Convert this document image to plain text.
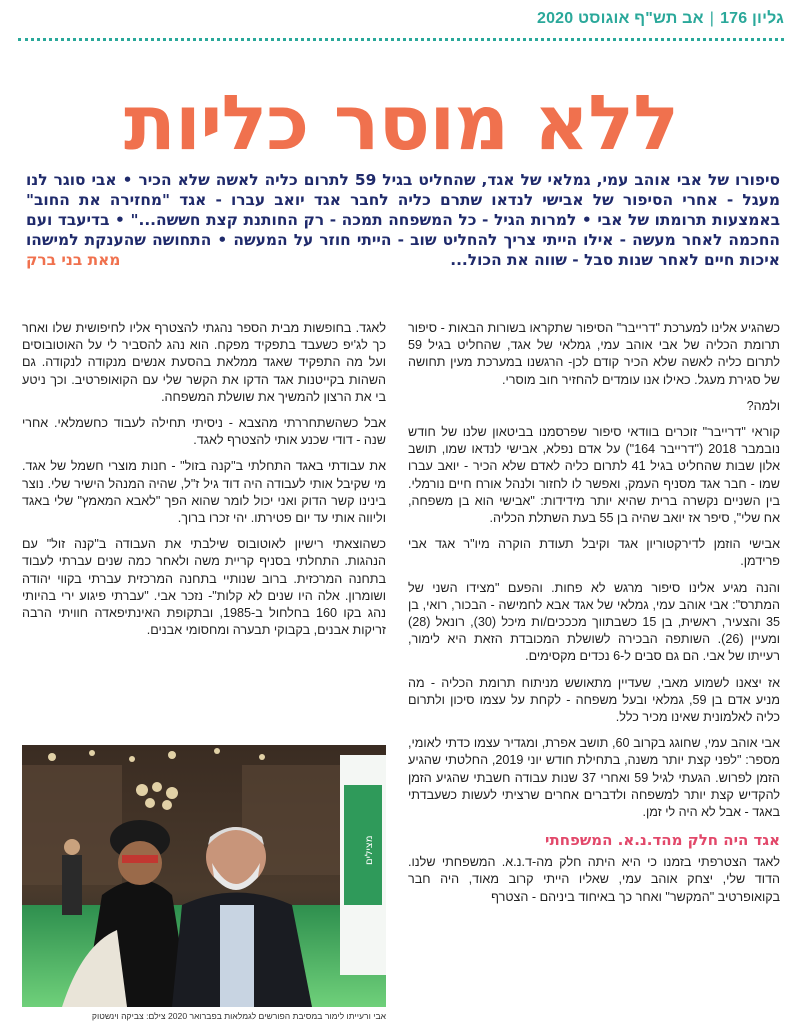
גליון 176|אב תש"ף אוגוסט 2020
ללא מוסר כליות
סיפורו של אבי אוהב עמי, גמלאי של אגד, שהחליט בגיל 59 לתרום כליה לאשה שלא הכיר • אבי סוגר לנו מעגל - אחרי הסיפור של אבישי לנדאו שתרם כליה לחבר אגד יואב עברו - אגד "מחזירה את החוב" באמצעות תרומתו של אבי • למרות הגיל - כל המשפחה תמכה - רק החותנת קצת חששה..." • בדיעבד ועם החכמה לאחר מעשה - אילו הייתי צריך להחליט שוב - הייתי חוזר על המעשה • התחושה שהענקת למישהו איכות חיים לאחר שנות סבל - שווה את הכול...
מאת בני ברק

כשהגיע אלינו למערכת "דרייבר" הסיפור שתקראו בשורות הבאות - סיפור תרומת הכליה של אבי אוהב עמי, גמלאי של אגד, שהחליט בגיל 59 לתרום כליה לאשה שלא הכיר קודם לכן- הרגשנו במערכת מעין תחושה של סגירת מעגל. כאילו אנו עומדים להחזיר חוב מוסרי.

ולמה?

קוראי "דרייבר" זוכרים בוודאי סיפור שפרסמנו בביטאון שלנו של חודש נובמבר 2018 ("דרייבר 164") על אדם נפלא, אבישי לנדאו שמו, תושב אלון שבות שהחליט בגיל 41 לתרום כליה לאדם שלא הכיר - יואב עברו שמו - חבר אגד מסניף העמק, ואפשר לו לחזור ולנהל אורח חיים נורמלי. בין השניים נקשרה ברית שהיא יותר מידידות: "אבישי הוא בן משפחה, אח שלי", סיפר אז יואב שהיה בן 55 בעת השתלת הכליה.

אבישי הוזמן לדירקטוריון אגד וקיבל תעודת הוקרה מיו"ר אגד אבי פרידמן.

והנה מגיע אלינו סיפור מרגש לא פחות. והפעם "מצידו השני של המתרס": אבי אוהב עמי, גמלאי של אגד אבא לחמישה - הבכור, רואי, בן 35 והצעיר, ראשית, בן 15 כשבתווך מכככים/ות מיכל (30), רונאל (28) ומעיין (26). השותפה הבכירה לשושלת המכובדת הזאת היא לימור, רעייתו של אבי. הם גם סבים ל-6 נכדים מקסימים.

אז יצאנו לשמוע מאבי, שעדיין מתאושש מניתוח תרומת הכליה - מה מניע אדם בן 59, גמלאי ובעל משפחה - לקחת על עצמו סיכון ולתרום כליה לאלמונית שאינו מכיר כלל.

אבי אוהב עמי, שחוגג בקרוב 60, תושב אפרת, ומגדיר עצמו כדתי לאומי, מספר: "לפני קצת יותר משנה, בתחילת חודש יוני 2019, החלטתי שהגיע הזמן לפרוש. הגעתי לגיל 59 ואחרי 37 שנות עבודה חשבתי שהגיע הזמן להקדיש קצת יותר למשפחה ולדברים אחרים שרציתי לעשות כשעבדתי באגד - אבל לא היה לי זמן.

אגד היה חלק מהד.נ.א. המשפחתי

לאגד הצטרפתי בזמנו כי היא היתה חלק מה-ד.נ.א. המשפחתי שלנו. הדוד שלי, יצחק אוהב עמי, שאליו הייתי קרוב מאוד, היה חבר בקואופרטיב "המקשר" ואחר כך באיחוד ביניהם - הצטרף

לאגד. בחופשות מבית הספר נהגתי להצטרף אליו לחיפושית שלו ואחר כך לג'יפ כשעבד בתפקיד מפקח. הוא נהג להסביר לי על האוטובוסים ועל מה התפקיד שאגד ממלאת בהסעת אנשים מנקודה לנקודה. גם השהות בקייטנות אגד הדקו את הקשר שלי עם הקואופרטיב. וכך ניטע בי את הרצון להמשיך את שושלת המשפחה.

אבל כשהשתחררתי מהצבא - ניסיתי תחילה לעבוד כחשמלאי. אחרי שנה - דודי שכנע אותי להצטרף לאגד.

את עבודתי באגד התחלתי ב"קנה בזול" - חנות מוצרי חשמל של אגד. מי שקיבל אותי לעבודה היה דוד גיל ז"ל, שהיה המנהל הישיר שלי. נוצר בינינו קשר הדוק ואני יכול לומר שהוא הפך "לאבא המאמץ" שלי באגד וליווה אותי עד יום פטירתו. יהי זכרו ברוך.

כשהוצאתי רישיון לאוטובוס שילבתי את העבודה ב"קנה זול" עם הנהגות. התחלתי בסניף קריית משה ולאחר כמה שנים עברתי לעבוד בתחנה המרכזית. ברוב שנותיי בתחנה המרכזית עברתי בקווי יהודה ושומרון. אלה היו שנים לא קלות"- נזכר אבי. "עברתי פיגוע ירי בהיותי נהג בקו 160 בחלחול ב-1985, ובתקופת האינתיפאדה חוויתי הרבה זריקות אבנים, בקבוקי תבערה ומחסומי אבנים.

מצילים
אבי ורעייתו לימור במסיבת הפורשים לגמלאות בפברואר 2020 צילם: צביקה וינשטוק
